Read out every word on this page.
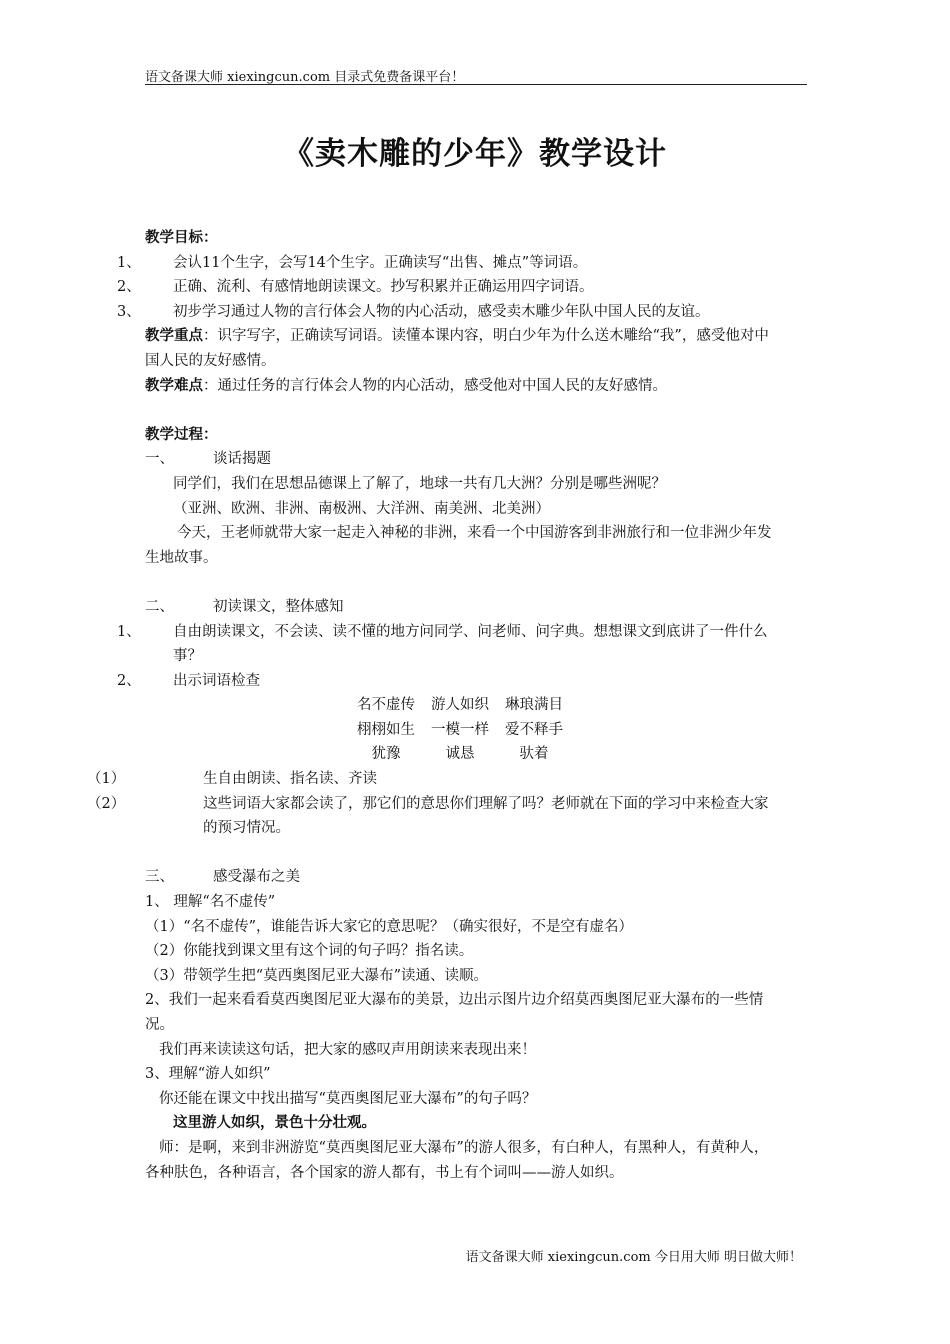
语文备课大师 xiexingcun.com 目录式免费备课平台！
《卖木雕的少年》教学设计

教学目标：

1、 会认11个生字，会写14个生字。正确读写“出售、摊点”等词语。

2、 正确、流利、有感情地朗读课文。抄写积累并正确运用四字词语。

3、 初步学习通过人物的言行体会人物的内心活动，感受卖木雕少年队中国人民的友谊。

教学重点：识字写字，正确读写词语。读懂本课内容，明白少年为什么送木雕给“我”，感受他对中国人民的友好感情。

教学难点：通过任务的言行体会人物的内心活动，感受他对中国人民的友好感情。

教学过程：

一、	谈话揭题

同学们，我们在思想品德课上了解了，地球一共有几大洲？分别是哪些洲呢？

（亚洲、欧洲、非洲、南极洲、大洋洲、南美洲、北美洲）

今天，王老师就带大家一起走入神秘的非洲，来看一个中国游客到非洲旅行和一位非洲少年发生地故事。

二、	初读课文，整体感知

1、 自由朗读课文，不会读、读不懂的地方问同学、问老师、问字典。想想课文到底讲了一件什么事？

2、 出示词语检查

名不虚传	游人如织	琳琅满目
栩栩如生	一模一样	爱不释手
犹豫	诚恳	驮着

（1）	生自由朗读、指名读、齐读

（2）	这些词语大家都会读了，那它们的意思你们理解了吗？老师就在下面的学习中来检查大家的预习情况。

三、	感受瀑布之美

1、 理解“名不虚传”

（1）“名不虚传”，谁能告诉大家它的意思呢？（确实很好，不是空有虚名）

（2）你能找到课文里有这个词的句子吗？指名读。

（3）带领学生把“莫西奥图尼亚大瀑布”读通、读顺。

2、我们一起来看看莫西奥图尼亚大瀑布的美景，边出示图片边介绍莫西奥图尼亚大瀑布的一些情况。

我们再来读读这句话，把大家的感叹声用朗读来表现出来！

3、理解“游人如织”

你还能在课文中找出描写“莫西奥图尼亚大瀑布”的句子吗？

这里游人如织，景色十分壮观。

师：是啊，来到非洲游览“莫西奥图尼亚大瀑布”的游人很多，有白种人，有黑种人，有黄种人，各种肤色，各种语言，各个国家的游人都有，书上有个词叫——游人如织。

语文备课大师 xiexingcun.com 今日用大师 明日做大师！
